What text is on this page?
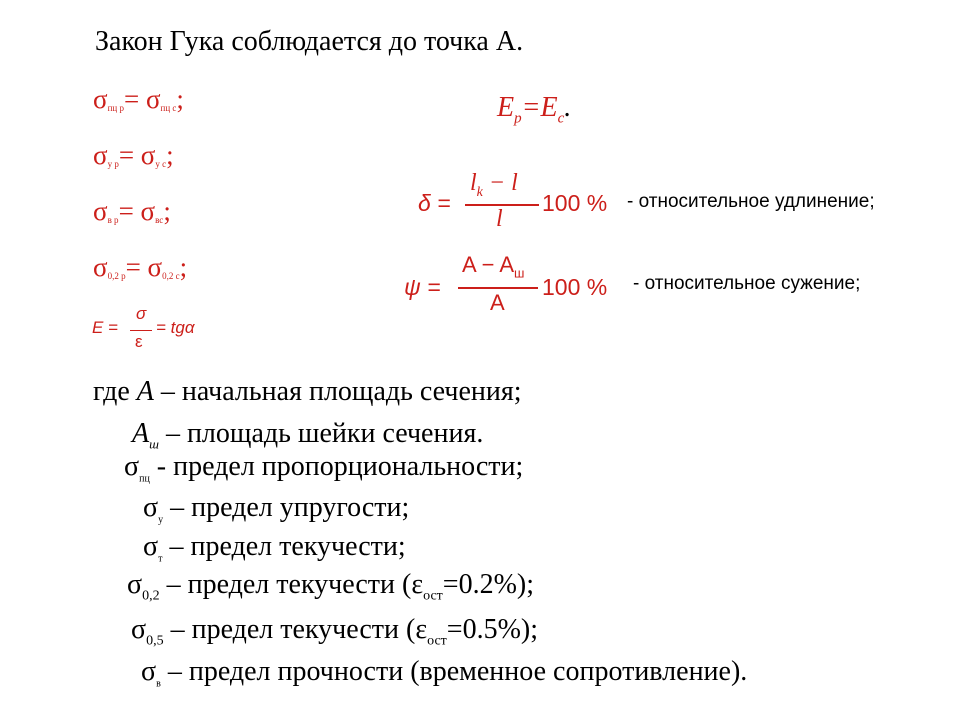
Закон Гука соблюдается до точка А.
σпц р= σпц с;
σу р= σу с;
σв р= σвс;
σ0,2 р= σ0,2 с;
E =
σ
ε
= tgα
$E_p=E_c$.
δ =
$l_k - l$
l
100 % - относительное удлинение;
ψ =
$A - A_ш$
A
100 % - относительное сужение;
где А – начальная площадь сечения;
$А_ш$ – площадь шейки сечения.
$\sigma_{пц}$ - предел пропорциональности;
$\sigma_у$ – предел упругости;
$\sigma_т$ – предел текучести;
$\sigma_{0,2}$ – предел текучести $(\varepsilon_{ост}=0.2\%)$;
$\sigma_{0,5}$ – предел текучести $(\varepsilon_{ост}=0.5\%)$;
$\sigma_в$ – предел прочности (временное сопротивление).
